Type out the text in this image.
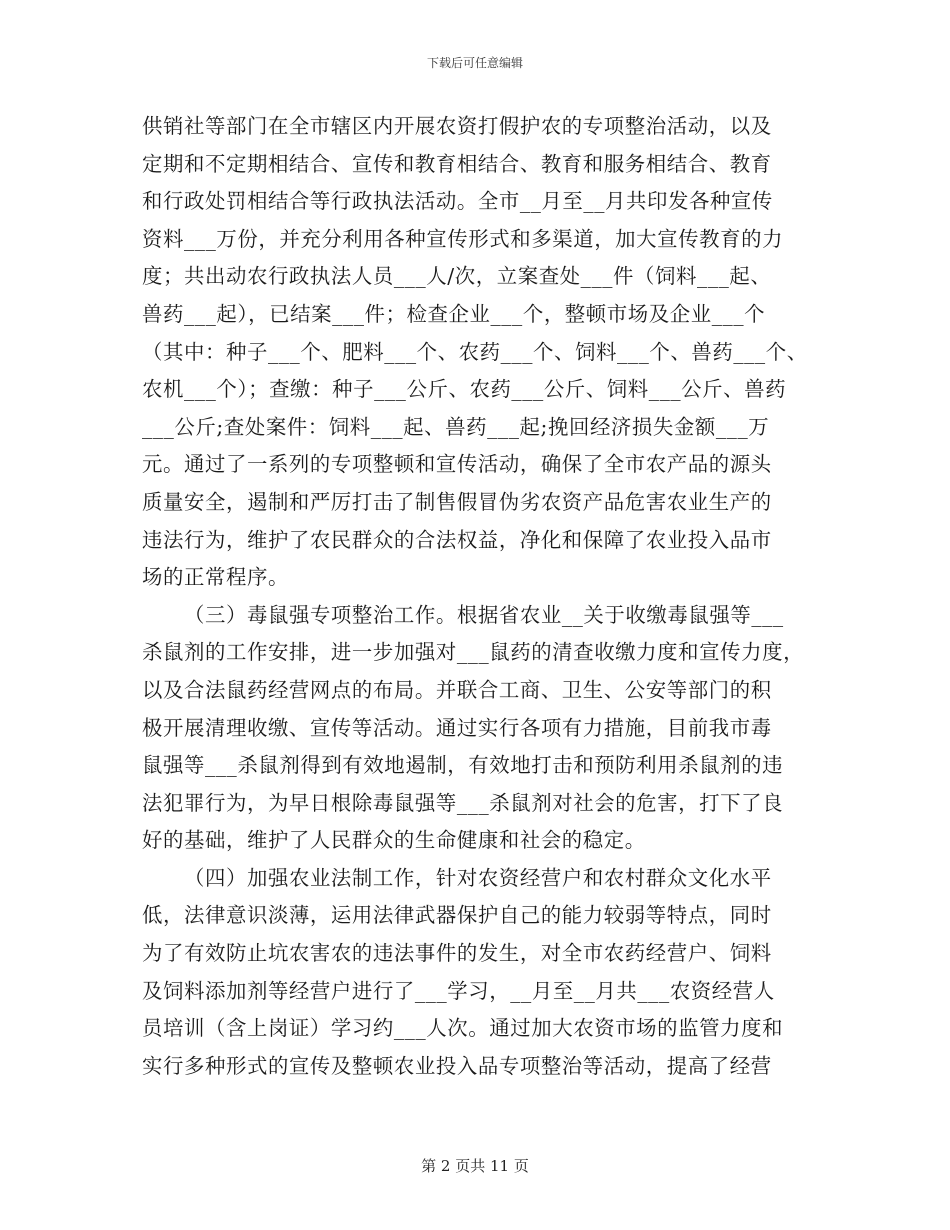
下载后可任意编辑
供销社等部门在全市辖区内开展农资打假护农的专项整治活动，以及
定期和不定期相结合、宣传和教育相结合、教育和服务相结合、教育
和行政处罚相结合等行政执法活动。全市__月至__月共印发各种宣传
资料___万份，并充分利用各种宣传形式和多渠道，加大宣传教育的力
度；共出动农行政执法人员___人/次，立案查处___件（饲料___起、
兽药___起），已结案___件；检查企业___个，整顿市场及企业___个
（其中：种子___个、肥料___个、农药___个、饲料___个、兽药___个、
农机___个）；查缴：种子___公斤、农药___公斤、饲料___公斤、兽药
___公斤;查处案件：饲料___起、兽药___起;挽回经济损失金额___万
元。通过了一系列的专项整顿和宣传活动，确保了全市农产品的源头
质量安全，遏制和严厉打击了制售假冒伪劣农资产品危害农业生产的
违法行为，维护了农民群众的合法权益，净化和保障了农业投入品市
场的正常程序。
（三）毒鼠强专项整治工作。根据省农业__关于收缴毒鼠强等___
杀鼠剂的工作安排，进一步加强对___鼠药的清查收缴力度和宣传力度，
以及合法鼠药经营网点的布局。并联合工商、卫生、公安等部门的积
极开展清理收缴、宣传等活动。通过实行各项有力措施，目前我市毒
鼠强等___杀鼠剂得到有效地遏制，有效地打击和预防利用杀鼠剂的违
法犯罪行为，为早日根除毒鼠强等___杀鼠剂对社会的危害，打下了良
好的基础，维护了人民群众的生命健康和社会的稳定。
（四）加强农业法制工作，针对农资经营户和农村群众文化水平
低，法律意识淡薄，运用法律武器保护自己的能力较弱等特点，同时
为了有效防止坑农害农的违法事件的发生，对全市农药经营户、饲料
及饲料添加剂等经营户进行了___学习，__月至__月共___农资经营人
员培训（含上岗证）学习约___人次。通过加大农资市场的监管力度和
实行多种形式的宣传及整顿农业投入品专项整治等活动，提高了经营
第 2 页共 11 页
